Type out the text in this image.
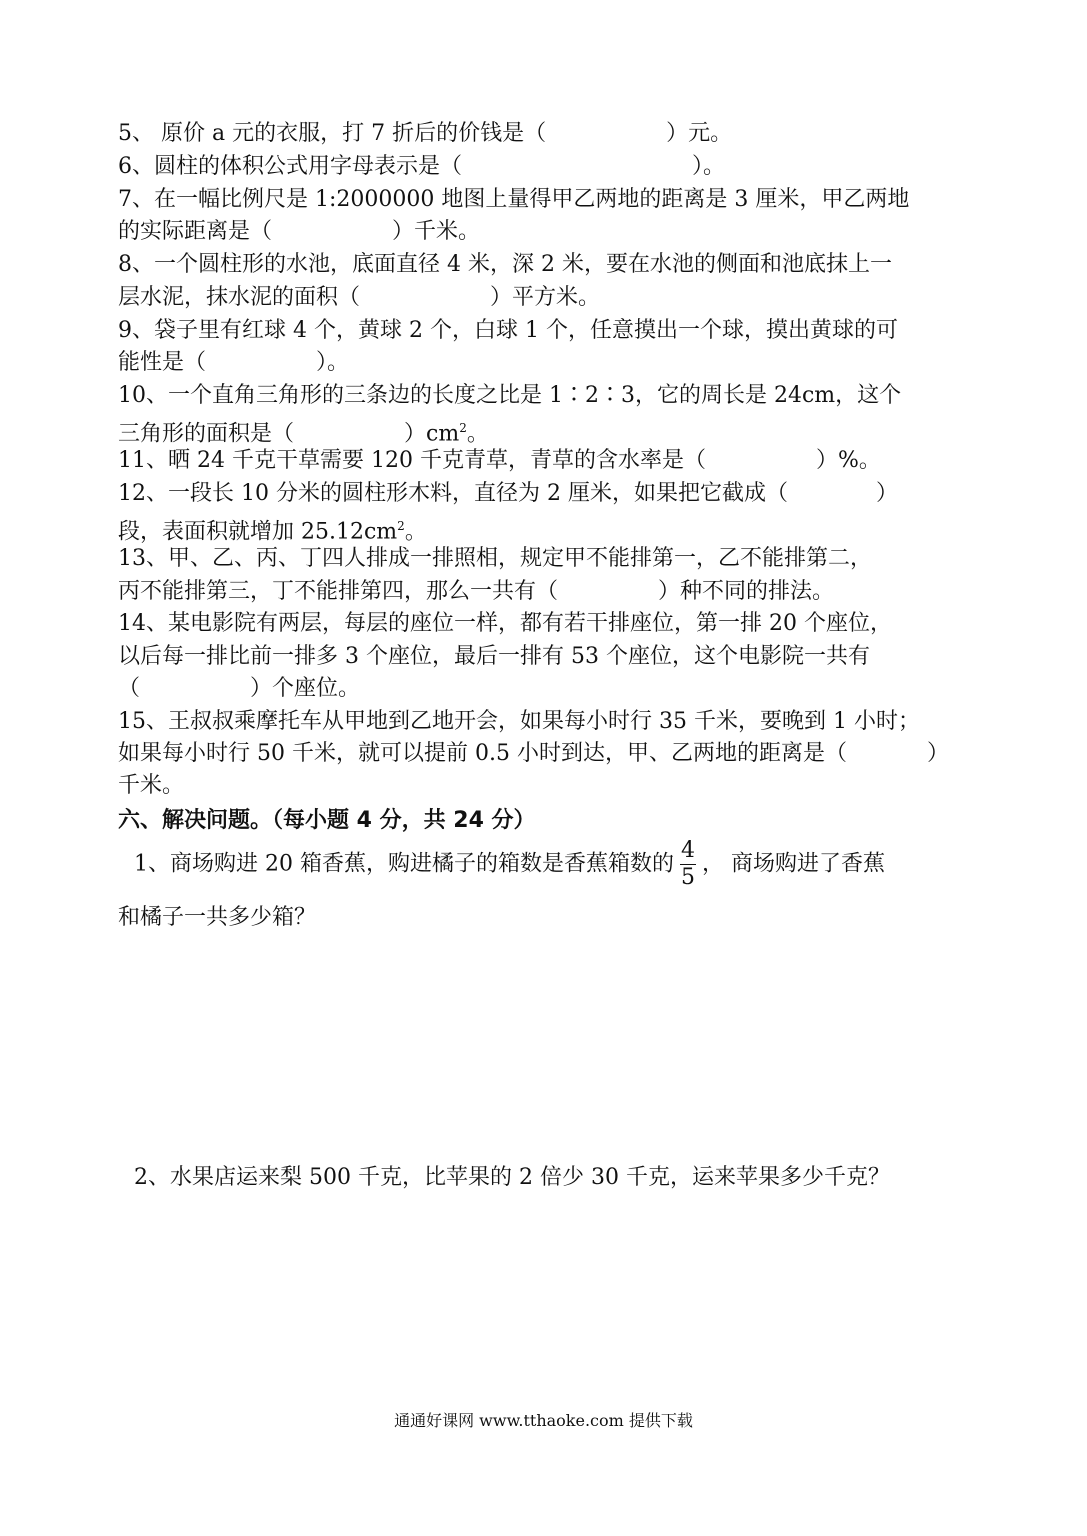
5、 原价 a 元的衣服，打 7 折后的价钱是（	）元。
6、圆柱的体积公式用字母表示是（	）。
7、在一幅比例尺是 1:2000000 地图上量得甲乙两地的距离是 3 厘米，甲乙两地
的实际距离是（	）千米。
8、一个圆柱形的水池，底面直径 4 米，深 2 米，要在水池的侧面和池底抹上一
层水泥，抹水泥的面积（	）平方米。
9、袋子里有红球 4 个，黄球 2 个，白球 1 个，任意摸出一个球，摸出黄球的可
能性是（	）。
10、一个直角三角形的三条边的长度之比是 1∶2∶3，它的周长是 24cm，这个
三角形的面积是（	）$cm^2$。
11、晒 24 千克干草需要 120 千克青草，青草的含水率是（	）%。
12、一段长 10 分米的圆柱形木料，直径为 2 厘米，如果把它截成（	）
段，表面积就增加 $25.12cm^2$。
13、甲、乙、丙、丁四人排成一排照相，规定甲不能排第一，乙不能排第二，
丙不能排第三，丁不能排第四，那么一共有（	）种不同的排法。
14、某电影院有两层，每层的座位一样，都有若干排座位，第一排 20 个座位，
以后每一排比前一排多 3 个座位，最后一排有 53 个座位，这个电影院一共有
（	）个座位。
15、王叔叔乘摩托车从甲地到乙地开会，如果每小时行 35 千米，要晚到 1 小时；
如果每小时行 50 千米，就可以提前 0.5 小时到达，甲、乙两地的距离是（	）
千米。
六、解决问题。（每小题 4 分，共 24 分）
1、商场购进 20 箱香蕉，购进橘子的箱数是香蕉箱数的 $\frac{4}{5}$ ， 商场购进了香蕉
和橘子一共多少箱？
2、水果店运来梨 500 千克，比苹果的 2 倍少 30 千克，运来苹果多少千克？
通通好课网 www.tthaoke.com 提供下载
